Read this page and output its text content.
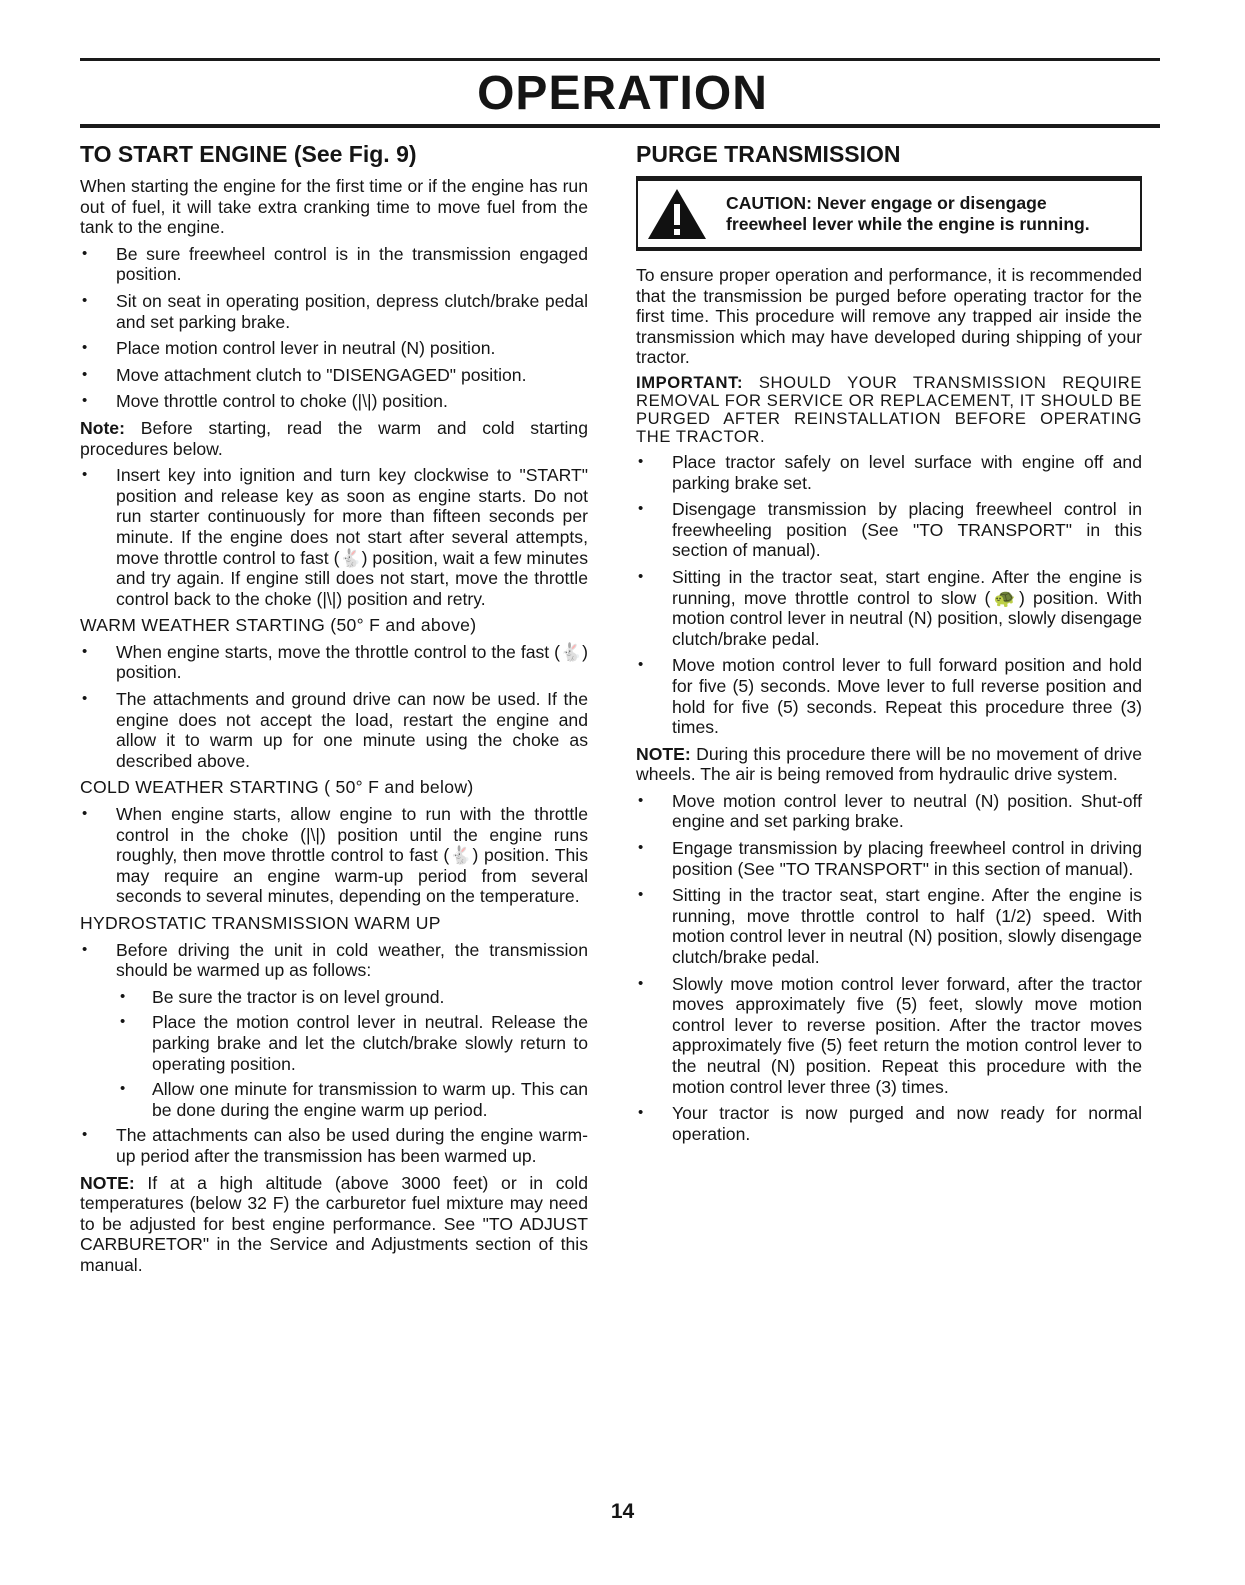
OPERATION
TO START ENGINE (See Fig. 9)

When starting the engine for the first time or if the engine has run out of fuel, it will take extra cranking time to move fuel from the tank to the engine.

•	Be sure freewheel control is in the transmission engaged position.
•	Sit on seat in operating position, depress clutch/brake pedal and set parking brake.
•	Place motion control lever in neutral (N) position.
•	Move attachment clutch to "DISENGAGED" position.
•	Move throttle control to choke (|\|) position.

Note: Before starting, read the warm and cold starting procedures below.

•	Insert key into ignition and turn key clockwise to "START" position and release key as soon as engine starts. Do not run starter continuously for more than fifteen seconds per minute. If the engine does not start after several attempts, move throttle control to fast (🐇) position, wait a few minutes and try again. If engine still does not start, move the throttle control back to the choke (|\|) position and retry.
WARM WEATHER STARTING (50° F and above)
•	When engine starts, move the throttle control to the fast (🐇) position.
•	The attachments and ground drive can now be used. If the engine does not accept the load, restart the engine and allow it to warm up for one minute using the choke as described above.
COLD WEATHER STARTING ( 50° F and below)
•	When engine starts, allow engine to run with the throttle control in the choke (|\|) position until the engine runs roughly, then move throttle control to fast (🐇) position. This may require an engine warm-up period from several seconds to several minutes, depending on the temperature.
HYDROSTATIC TRANSMISSION WARM UP
•	Before driving the unit in cold weather, the transmission should be warmed up as follows:
•	Be sure the tractor is on level ground.
•	Place the motion control lever in neutral. Release the parking brake and let the clutch/brake slowly return to operating position.
•	Allow one minute for transmission to warm up. This can be done during the engine warm up period.
•	The attachments can also be used during the engine warm-up period after the transmission has been warmed up.

NOTE: If at a high altitude (above 3000 feet) or in cold temperatures (below 32 F) the carburetor fuel mixture may need to be adjusted for best engine performance. See "TO ADJUST CARBURETOR" in the Service and Adjustments section of this manual.

PURGE TRANSMISSION
CAUTION: Never engage or disengage freewheel lever while the engine is running.

To ensure proper operation and performance, it is recommended that the transmission be purged before operating tractor for the first time. This procedure will remove any trapped air inside the transmission which may have developed during shipping of your tractor.

IMPORTANT: SHOULD YOUR TRANSMISSION REQUIRE REMOVAL FOR SERVICE OR REPLACEMENT, IT SHOULD BE PURGED AFTER REINSTALLATION BEFORE OPERATING THE TRACTOR.

•	Place tractor safely on level surface with engine off and parking brake set.
•	Disengage transmission by placing freewheel control in freewheeling position (See "TO TRANSPORT" in this section of manual).
•	Sitting in the tractor seat, start engine. After the engine is running, move throttle control to slow (🐢) position. With motion control lever in neutral (N) position, slowly disengage clutch/brake pedal.
•	Move motion control lever to full forward position and hold for five (5) seconds. Move lever to full reverse position and hold for five (5) seconds. Repeat this procedure three (3) times.

NOTE: During this procedure there will be no movement of drive wheels. The air is being removed from hydraulic drive system.

•	Move motion control lever to neutral (N) position. Shut-off engine and set parking brake.
•	Engage transmission by placing freewheel control in driving position (See "TO TRANSPORT" in this section of manual).
•	Sitting in the tractor seat, start engine. After the engine is running, move throttle control to half (1/2) speed. With motion control lever in neutral (N) position, slowly disengage clutch/brake pedal.
•	Slowly move motion control lever forward, after the tractor moves approximately five (5) feet, slowly move motion control lever to reverse position. After the tractor moves approximately five (5) feet return the motion control lever to the neutral (N) position. Repeat this procedure with the motion control lever three (3) times.
•	Your tractor is now purged and now ready for normal operation.
14
